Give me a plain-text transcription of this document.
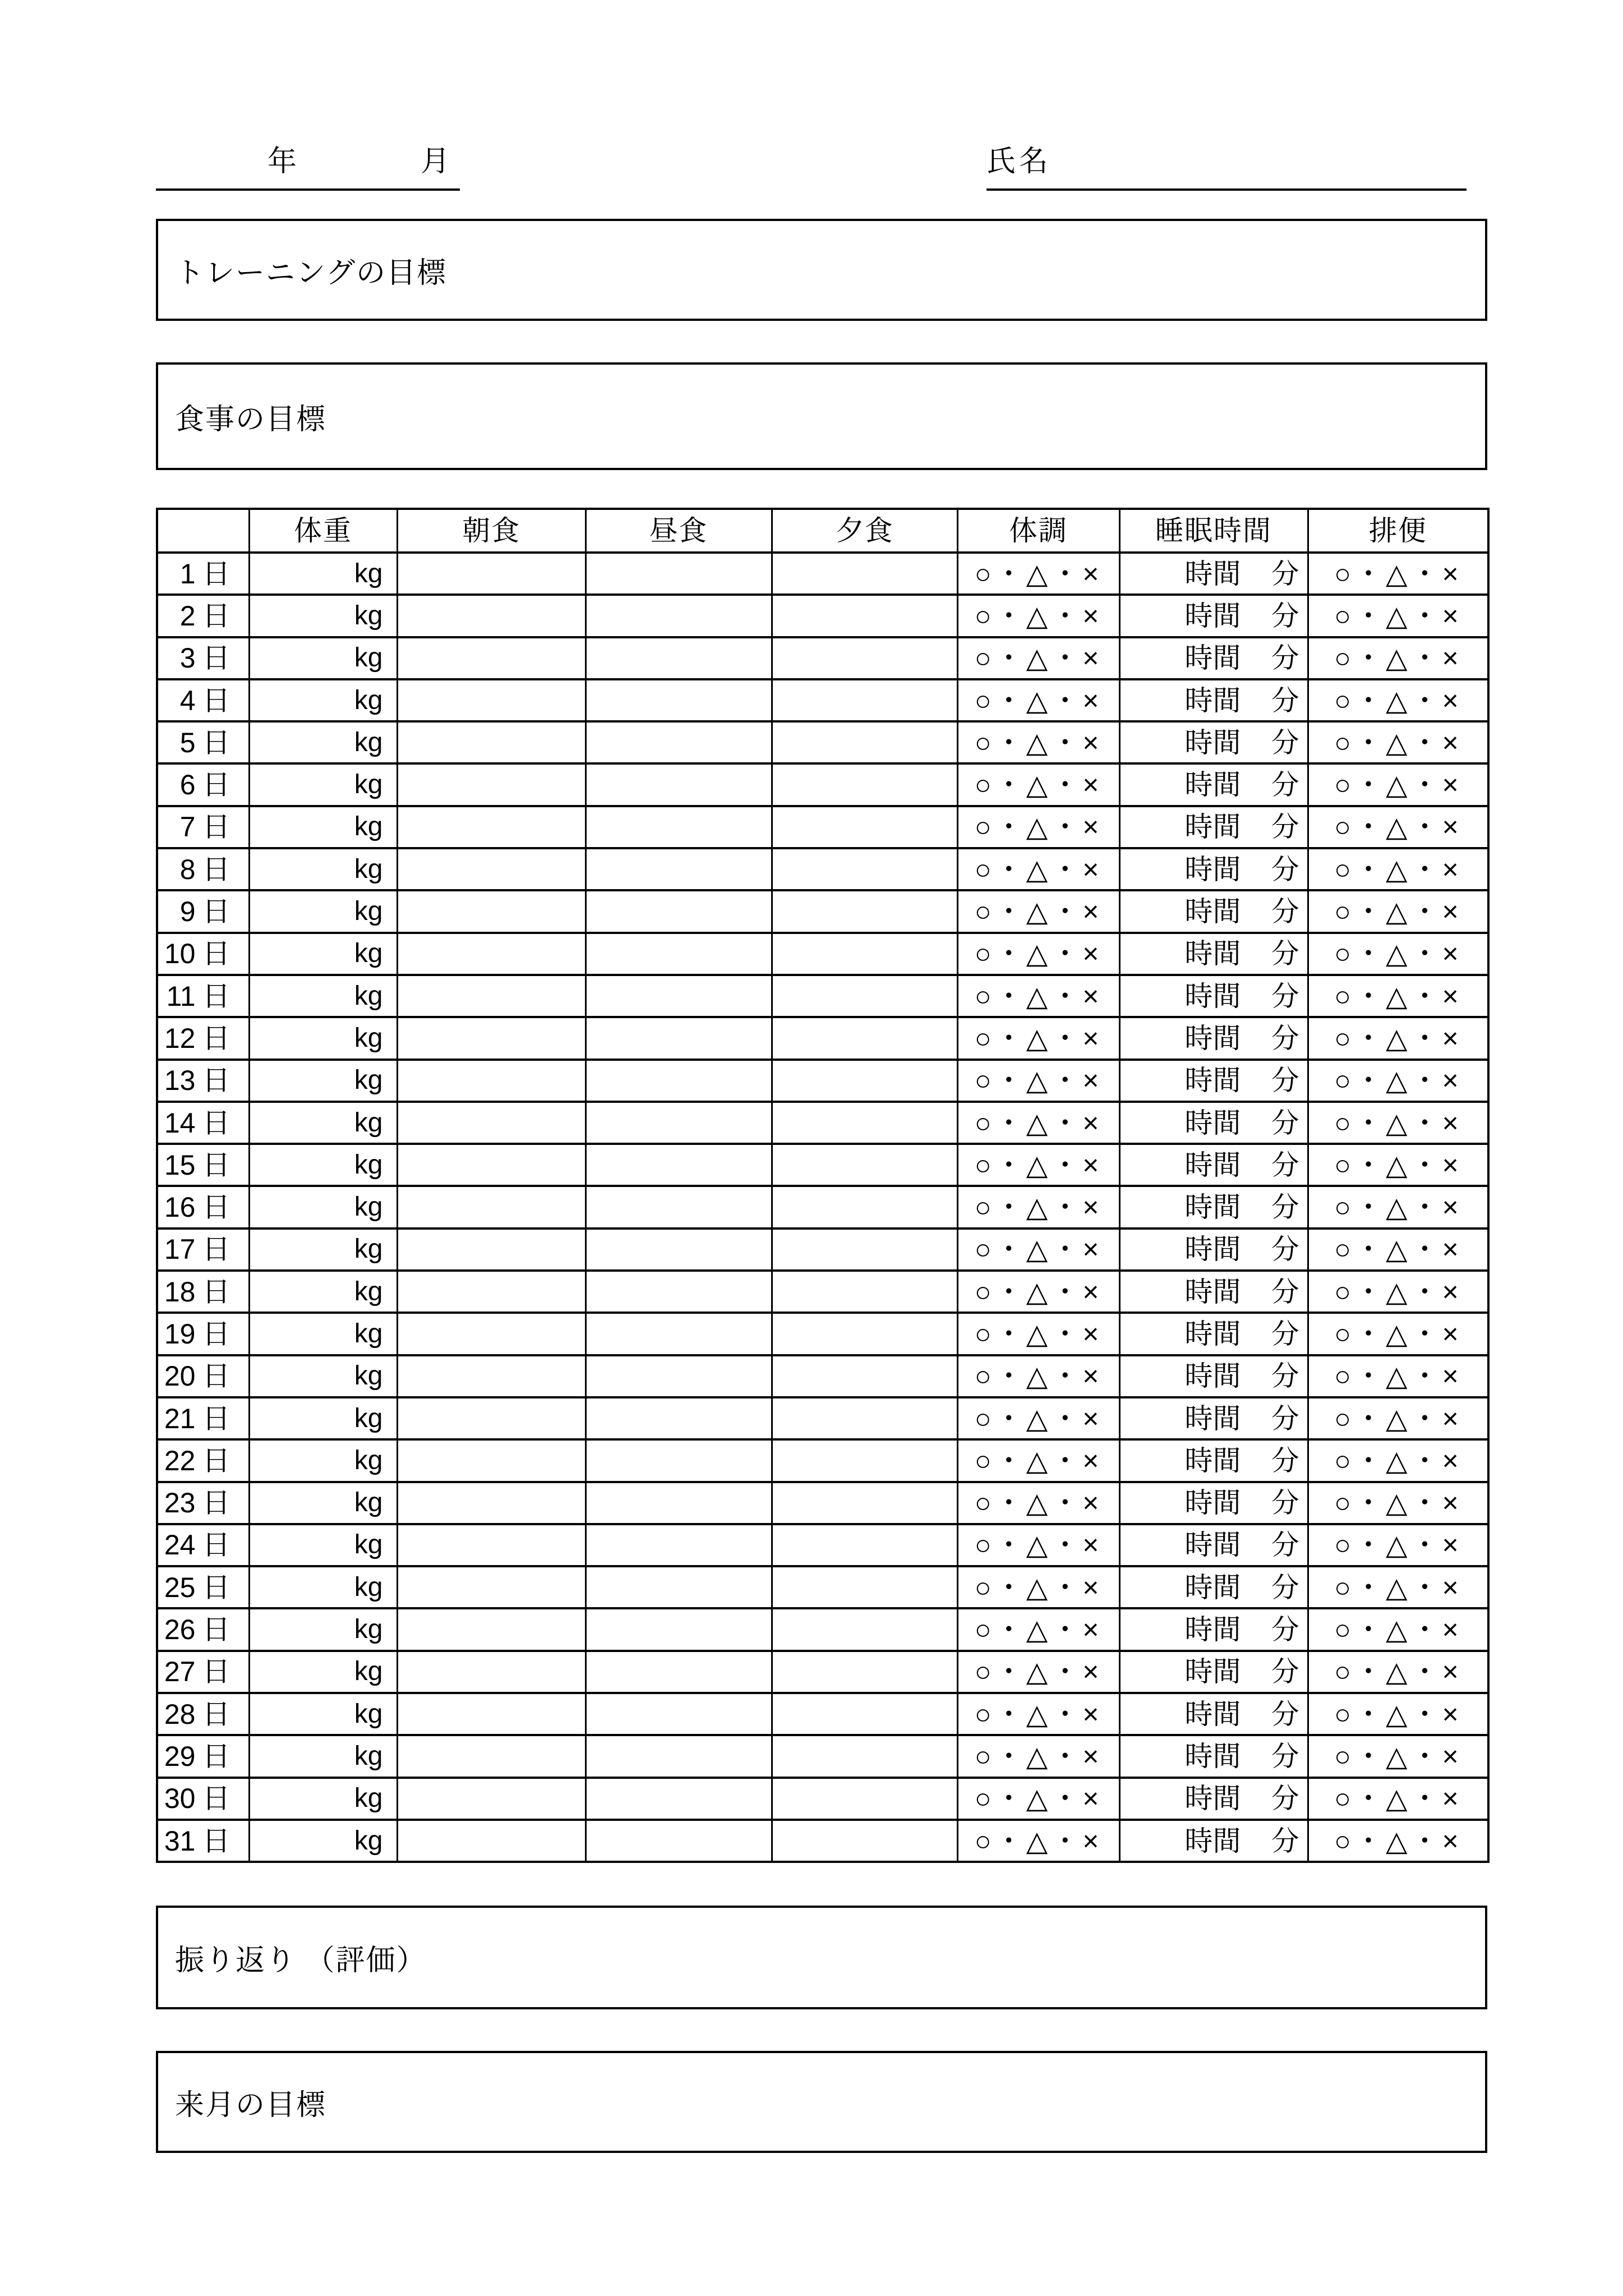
年	月	氏名
トレーニングの目標
食事の目標
	体重	朝食	昼食	夕食	体調	睡眠時間	排便
1 日	kg				○・△・×	時間 分	○・△・×
2 日	kg				○・△・×	時間 分	○・△・×
3 日	kg				○・△・×	時間 分	○・△・×
4 日	kg				○・△・×	時間 分	○・△・×
5 日	kg				○・△・×	時間 分	○・△・×
6 日	kg				○・△・×	時間 分	○・△・×
7 日	kg				○・△・×	時間 分	○・△・×
8 日	kg				○・△・×	時間 分	○・△・×
9 日	kg				○・△・×	時間 分	○・△・×
10 日	kg				○・△・×	時間 分	○・△・×
11 日	kg				○・△・×	時間 分	○・△・×
12 日	kg				○・△・×	時間 分	○・△・×
13 日	kg				○・△・×	時間 分	○・△・×
14 日	kg				○・△・×	時間 分	○・△・×
15 日	kg				○・△・×	時間 分	○・△・×
16 日	kg				○・△・×	時間 分	○・△・×
17 日	kg				○・△・×	時間 分	○・△・×
18 日	kg				○・△・×	時間 分	○・△・×
19 日	kg				○・△・×	時間 分	○・△・×
20 日	kg				○・△・×	時間 分	○・△・×
21 日	kg				○・△・×	時間 分	○・△・×
22 日	kg				○・△・×	時間 分	○・△・×
23 日	kg				○・△・×	時間 分	○・△・×
24 日	kg				○・△・×	時間 分	○・△・×
25 日	kg				○・△・×	時間 分	○・△・×
26 日	kg				○・△・×	時間 分	○・△・×
27 日	kg				○・△・×	時間 分	○・△・×
28 日	kg				○・△・×	時間 分	○・△・×
29 日	kg				○・△・×	時間 分	○・△・×
30 日	kg				○・△・×	時間 分	○・△・×
31 日	kg				○・△・×	時間 分	○・△・×
振り返り （評価）
来月の目標
